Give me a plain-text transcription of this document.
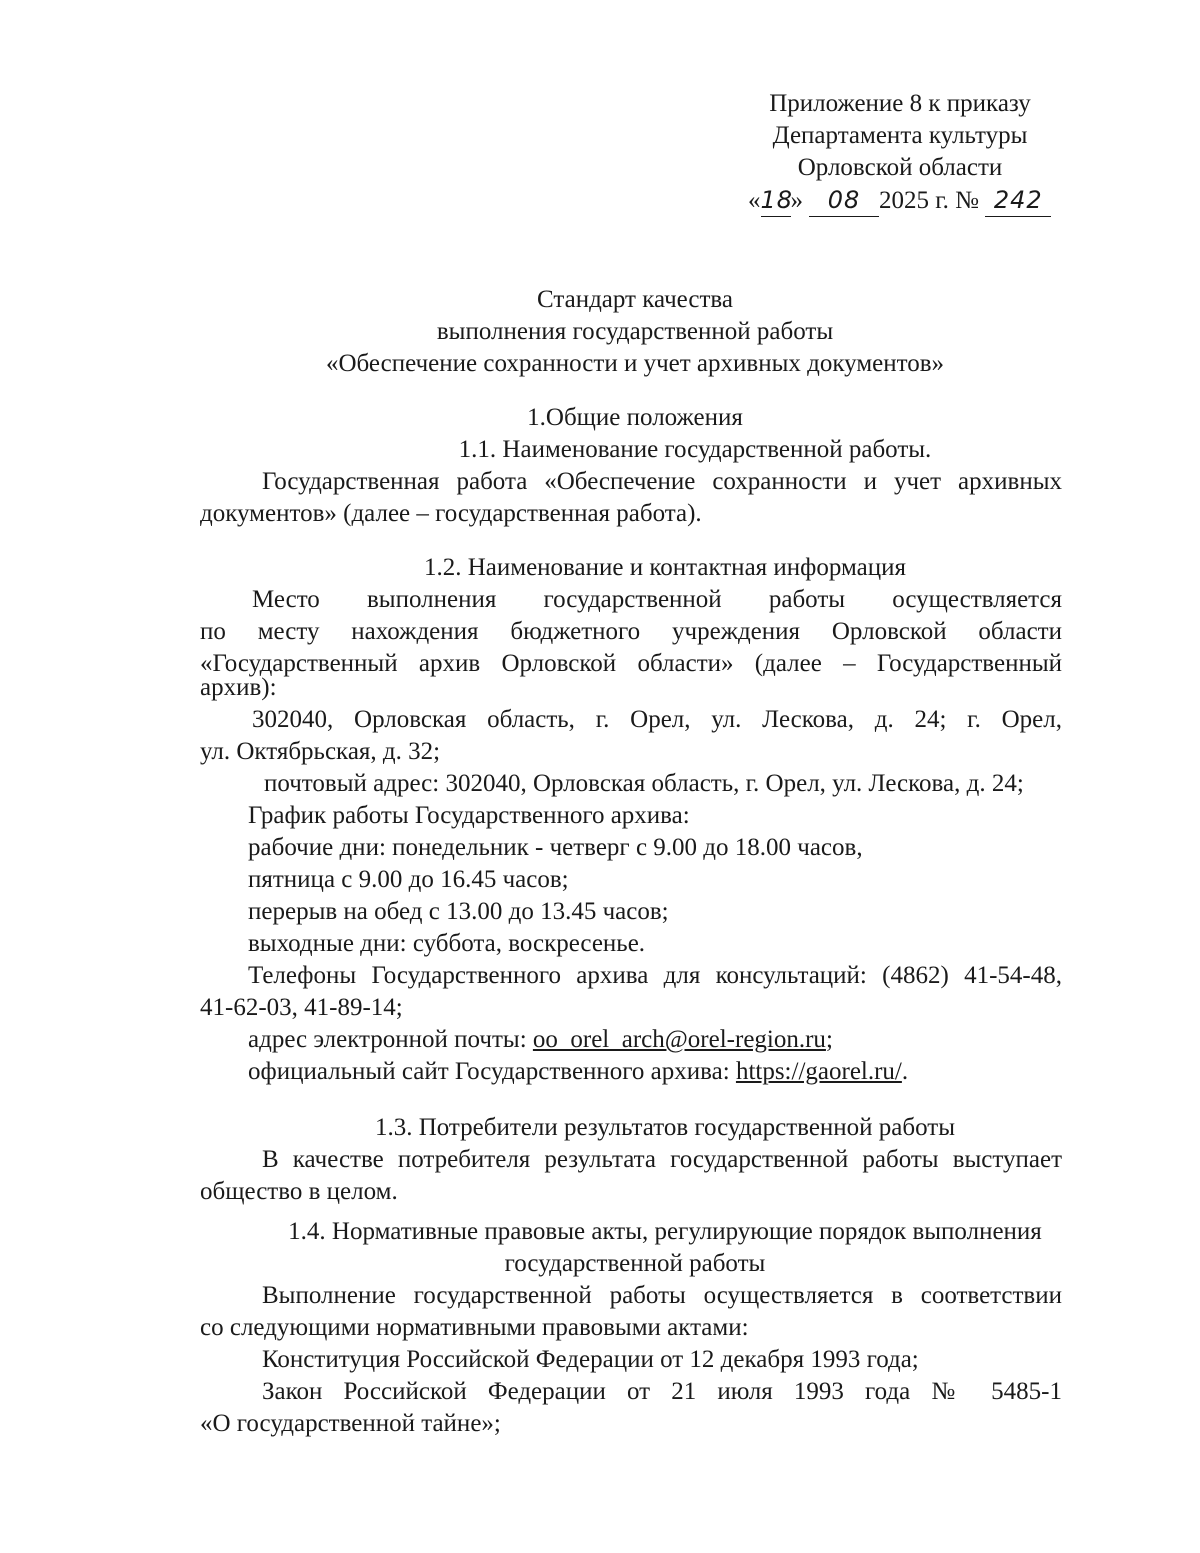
Приложение 8 к приказу
Департамента культуры
Орловской области
«18» 08 2025 г. № 242
Стандарт качества
выполнения государственной работы
«Обеспечение сохранности и учет архивных документов»
1.Общие положения
1.1. Наименование государственной работы.
Государственная работа «Обеспечение сохранности и учет архивных
документов» (далее – государственная работа).
1.2. Наименование и контактная информация
Место выполнения государственной работы осуществляется
по месту нахождения бюджетного учреждения Орловской области
«Государственный архив Орловской области» (далее – Государственный
архив):
302040, Орловская область, г. Орел, ул. Лескова, д. 24; г. Орел,
ул. Октябрьская, д. 32;
почтовый адрес: 302040, Орловская область, г. Орел, ул. Лескова, д. 24;
График работы Государственного архива:
рабочие дни: понедельник - четверг с 9.00 до 18.00 часов,
пятница с 9.00 до 16.45 часов;
перерыв на обед с 13.00 до 13.45 часов;
выходные дни: суббота, воскресенье.
Телефоны Государственного архива для консультаций: (4862) 41-54-48,
41-62-03, 41-89-14;
адрес электронной почты: oo_orel_arch@orel-region.ru;
официальный сайт Государственного архива: https://gaorel.ru/.
1.3. Потребители результатов государственной работы
В качестве потребителя результата государственной работы выступает
общество в целом.
1.4. Нормативные правовые акты, регулирующие порядок выполнения
государственной работы
Выполнение государственной работы осуществляется в соответствии
со следующими нормативными правовыми актами:
Конституция Российской Федерации от 12 декабря 1993 года;
Закон Российской Федерации от 21 июля 1993 года № 5485-1
«О государственной тайне»;
